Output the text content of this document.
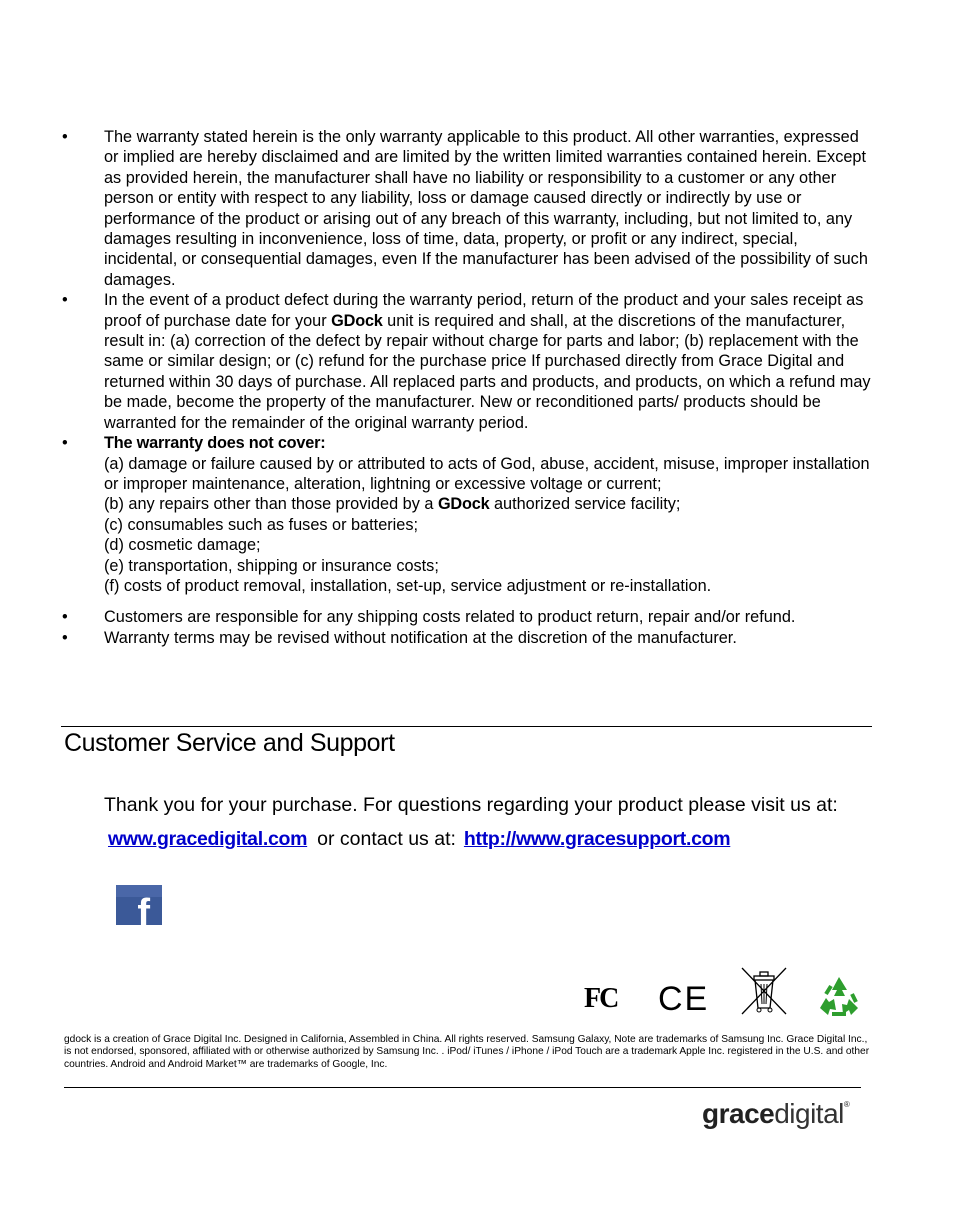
•	The warranty stated herein is the only warranty applicable to this product. All other warranties, expressed or implied are hereby disclaimed and are limited by the written limited warranties contained herein. Except as provided herein, the manufacturer shall have no liability or responsibility to a customer or any other person or entity with respect to any liability, loss or damage caused directly or indirectly by use or performance of the product or arising out of any breach of this warranty, including, but not limited to, any damages resulting in inconvenience, loss of time, data, property, or profit or any indirect, special, incidental, or consequential damages, even If the manufacturer has been advised of the possibility of such damages.

•	In the event of a product defect during the warranty period, return of the product and your sales receipt as proof of purchase date for your GDock unit is required and shall, at the discretions of the manufacturer, result in: (a) correction of the defect by repair without charge for parts and labor; (b) replacement with the same or similar design; or (c) refund for the purchase price If purchased directly from Grace Digital and returned within 30 days of purchase. All replaced parts and products, and products, on which a refund may be made, become the property of the manufacturer. New or reconditioned parts/ products should be warranted for the remainder of the original warranty period.

•	The warranty does not cover:

(a) damage or failure caused by or attributed to acts of God, abuse, accident, misuse, improper installation or improper maintenance, alteration, lightning or excessive voltage or current;

(b) any repairs other than those provided by a GDock authorized service facility;

(c) consumables such as fuses or batteries;

(d) cosmetic damage;

(e) transportation, shipping or insurance costs;

(f) costs of product removal, installation, set-up, service adjustment or re-installation.

•	Customers are responsible for any shipping costs related to product return, repair and/or refund.

•	Warranty terms may be revised without notification at the discretion of the manufacturer.

Customer Service and Support
Thank you for your purchase. For questions regarding your product please visit us at:
www.gracedigital.com or contact us at: http://www.gracesupport.com
f
FC CE
gdock is a creation of Grace Digital Inc. Designed in California, Assembled in China. All rights reserved. Samsung Galaxy, Note are trademarks of Samsung Inc. Grace Digital Inc., is not endorsed, sponsored, affiliated with or otherwise authorized by Samsung Inc. . iPod/ iTunes / iPhone / iPod Touch are a trademark Apple Inc. registered in the U.S. and other countries. Android and Android Market™ are trademarks of Google, Inc.
gracedigital®
